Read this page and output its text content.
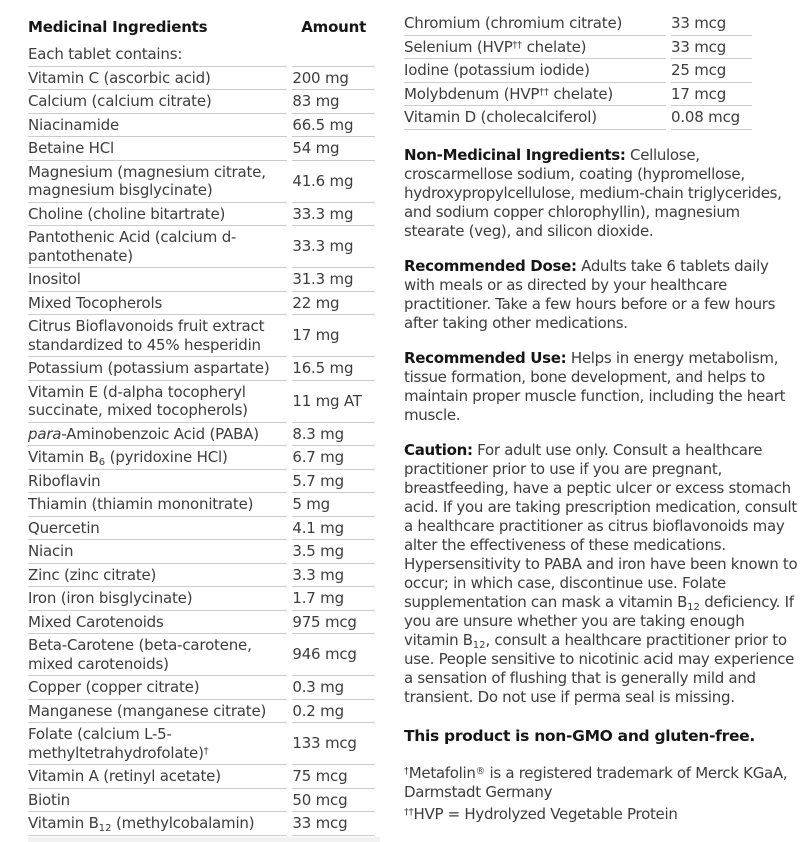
Medicinal Ingredients	Amount
Each tablet contains:	
Vitamin C (ascorbic acid)	200 mg
Calcium (calcium citrate)	83 mg
Niacinamide	66.5 mg
Betaine HCl	54 mg
Magnesium (magnesium citrate, magnesium bisglycinate)	41.6 mg
Choline (choline bitartrate)	33.3 mg
Pantothenic Acid (calcium d-pantothenate)	33.3 mg
Inositol	31.3 mg
Mixed Tocopherols	22 mg
Citrus Bioflavonoids fruit extract standardized to 45% hesperidin	17 mg
Potassium (potassium aspartate)	16.5 mg
Vitamin E (d-alpha tocopheryl succinate, mixed tocopherols)	11 mg AT
para-Aminobenzoic Acid (PABA)	8.3 mg
Vitamin $B_6$ (pyridoxine HCl)	6.7 mg
Riboflavin	5.7 mg
Thiamin (thiamin mononitrate)	5 mg
Quercetin	4.1 mg
Niacin	3.5 mg
Zinc (zinc citrate)	3.3 mg
Iron (iron bisglycinate)	1.7 mg
Mixed Carotenoids	975 mcg
Beta-Carotene (beta-carotene, mixed carotenoids)	946 mcg
Copper (copper citrate)	0.3 mg
Manganese (manganese citrate)	0.2 mg
Folate (calcium L-5-methyltetrahydrofolate)†	133 mcg
Vitamin A (retinyl acetate)	75 mcg
Biotin	50 mcg
Vitamin $B_{12}$ (methylcobalamin)	33 mcg
Chromium (chromium citrate)	33 mcg
Selenium (HVP†† chelate)	33 mcg
Iodine (potassium iodide)	25 mcg
Molybdenum (HVP†† chelate)	17 mcg
Vitamin D (cholecalciferol)	0.08 mcg

Non-Medicinal Ingredients: Cellulose, croscarmellose sodium, coating (hypromellose, hydroxypropylcellulose, medium-chain triglycerides, and sodium copper chlorophyllin), magnesium stearate (veg), and silicon dioxide.

Recommended Dose: Adults take 6 tablets daily with meals or as directed by your healthcare practitioner. Take a few hours before or a few hours after taking other medications.

Recommended Use: Helps in energy metabolism, tissue formation, bone development, and helps to maintain proper muscle function, including the heart muscle.

Caution: For adult use only. Consult a healthcare practitioner prior to use if you are pregnant, breastfeeding, have a peptic ulcer or excess stomach acid. If you are taking prescription medication, consult a healthcare practitioner as citrus bioflavonoids may alter the effectiveness of these medications. Hypersensitivity to PABA and iron have been known to occur; in which case, discontinue use. Folate supplementation can mask a vitamin $B_{12}$ deficiency. If you are unsure whether you are taking enough vitamin $B_{12}$, consult a healthcare practitioner prior to use. People sensitive to nicotinic acid may experience a sensation of flushing that is generally mild and transient. Do not use if perma seal is missing.

This product is non-GMO and gluten-free.

†Metafolin® is a registered trademark of Merck KGaA, Darmstadt Germany

††HVP = Hydrolyzed Vegetable Protein
